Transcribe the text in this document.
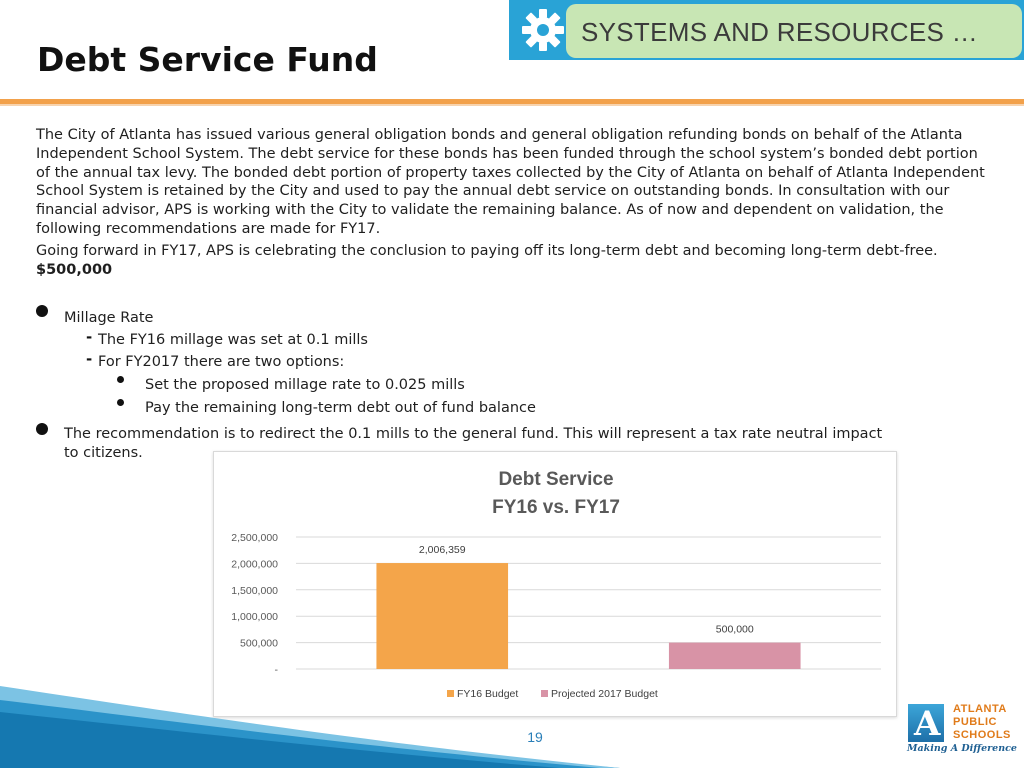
Debt Service Fund
SYSTEMS AND RESOURCES …
The City of Atlanta has issued various general obligation bonds and general obligation refunding bonds on behalf of the Atlanta Independent School System. The debt service for these bonds has been funded through the school system’s bonded debt portion of the annual tax levy. The bonded debt portion of property taxes collected by the City of Atlanta on behalf of Atlanta Independent School System is retained by the City and used to pay the annual debt service on outstanding bonds. In consultation with our financial advisor, APS is working with the City to validate the remaining balance. As of now and dependent on validation, the following recommendations are made for FY17.
Going forward in FY17, APS is celebrating the conclusion to paying off its long-term debt and becoming long-term debt-free. $500,000
Millage Rate
- The FY16 millage was set at 0.1 mills
- For FY2017 there are two options:
Set the proposed millage rate to 0.025 mills
Pay the remaining long-term debt out of fund balance
The recommendation is to redirect the 0.1 mills to the general fund. This will represent a tax rate neutral impact
to citizens.
Debt Service
FY16 vs. FY17
-
500,000
1,000,000
1,500,000
2,000,000
2,500,000
2,006,359
500,000
FY16 Budget	Projected 2017 Budget
19	A ATLANTA
PUBLIC
SCHOOLS
Making A Difference
